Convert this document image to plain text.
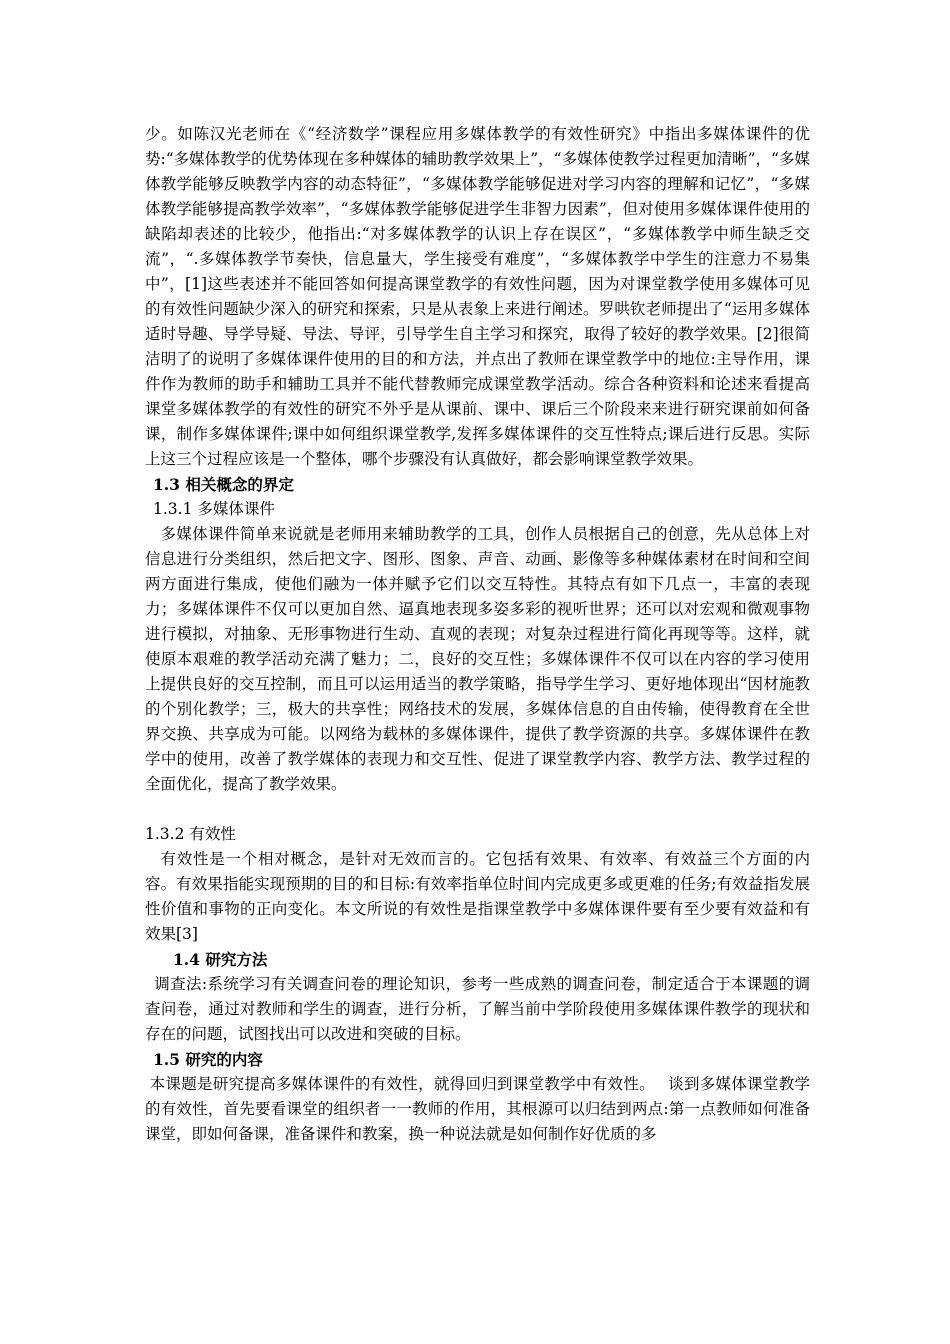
少。如陈汉光老师在《“经济数学”课程应用多媒体教学的有效性研究》中指出多媒体课件的优势:“多媒体教学的优势体现在多种媒体的辅助教学效果上”，“多媒体使教学过程更加清晰”，“多媒体教学能够反映教学内容的动态特征”，“多媒体教学能够促进对学习内容的理解和记忆”，“多媒体教学能够提高教学效率”，“多媒体教学能够促进学生非智力因素”，但对使用多媒体课件使用的缺陷却表述的比较少，他指出:“对多媒体教学的认识上存在误区”，“多媒体教学中师生缺乏交流”，“.多媒体教学节奏快，信息量大，学生接受有难度”，“多媒体教学中学生的注意力不易集中”，[1]这些表述并不能回答如何提高课堂教学的有效性问题，因为对课堂教学使用多媒体可见的有效性问题缺少深入的研究和探索，只是从表象上来进行阐述。罗哄钦老师提出了“运用多媒体适时导趣、导学导疑、导法、导评，引导学生自主学习和探究，取得了较好的教学效果。[2]很简洁明了的说明了多媒体课件使用的目的和方法，并点出了教师在课堂教学中的地位:主导作用，课件作为教师的助手和辅助工具并不能代替教师完成课堂教学活动。综合各种资料和论述来看提高课堂多媒体教学的有效性的研究不外乎是从课前、课中、课后三个阶段来来进行研究课前如何备课，制作多媒体课件;课中如何组织课堂教学,发挥多媒体课件的交互性特点;课后进行反思。实际上这三个过程应该是一个整体，哪个步骤没有认真做好，都会影响课堂教学效果。

1.3 相关概念的界定
1.3.1 多媒体课件

多媒体课件简单来说就是老师用来辅助教学的工具，创作人员根据自己的创意，先从总体上对信息进行分类组织，然后把文字、图形、图象、声音、动画、影像等多种媒体素材在时间和空间两方面进行集成，使他们融为一体并赋予它们以交互特性。其特点有如下几点一，丰富的表现力；多媒体课件不仅可以更加自然、逼真地表现多姿多彩的视听世界；还可以对宏观和微观事物进行模拟，对抽象、无形事物进行生动、直观的表现；对复杂过程进行简化再现等等。这样，就使原本艰难的教学活动充满了魅力；二，良好的交互性；多媒体课件不仅可以在内容的学习使用上提供良好的交互控制，而且可以运用适当的教学策略，指导学生学习、更好地体现出“因材施教的个别化教学；三，极大的共享性；网络技术的发展，多媒体信息的自由传输，使得教育在全世界交换、共享成为可能。以网络为载林的多媒体课件，提供了教学资源的共享。多媒体课件在教学中的使用，改善了教学媒体的表现力和交互性、促进了课堂教学内容、教学方法、教学过程的全面优化，提高了教学效果。

1.3.2 有效性

有效性是一个相对概念，是针对无效而言的。它包括有效果、有效率、有效益三个方面的内容。有效果指能实现预期的目的和目标:有效率指单位时间内完成更多或更难的任务;有效益指发展性价值和事物的正向变化。本文所说的有效性是指课堂教学中多媒体课件要有至少要有效益和有效果[3]

1.4 研究方法

调查法:系统学习有关调查问卷的理论知识，参考一些成熟的调查问卷，制定适合于本课题的调查问卷，通过对教师和学生的调查，进行分析，了解当前中学阶段使用多媒体课件教学的现状和存在的问题，试图找出可以改进和突破的目标。

1.5 研究的内容

本课题是研究提高多媒体课件的有效性，就得回归到课堂教学中有效性。　 谈到多媒体课堂教学的有效性，首先要看课堂的组织者一一教师的作用，其根源可以归结到两点:第一点教师如何准备课堂，即如何备课，准备课件和教案，换一种说法就是如何制作好优质的多
